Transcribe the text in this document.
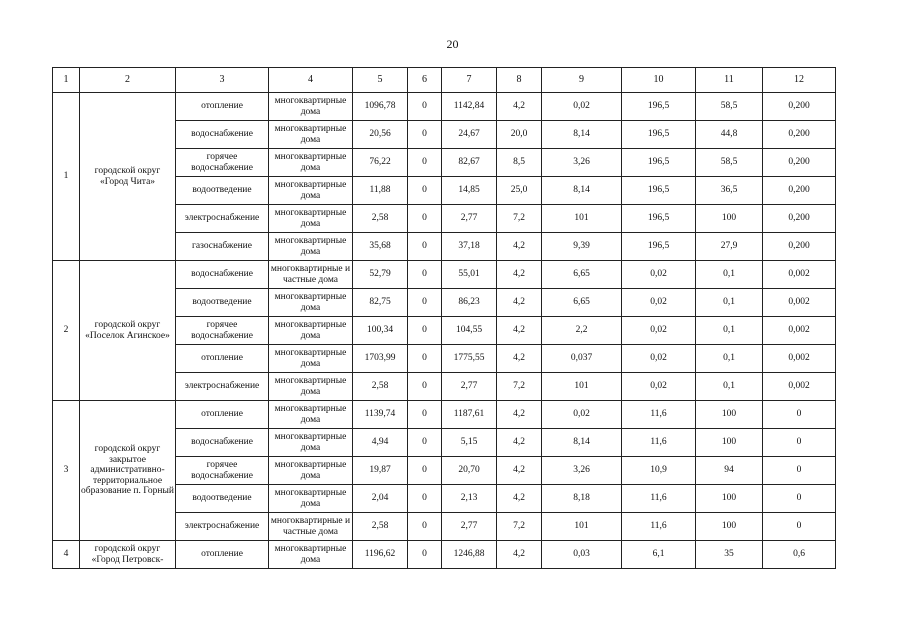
20
1	2	3	4	5	6	7	8	9	10	11	12
1	городской округ «Город Чита»	отопление	многоквартирные дома	1096,78	0	1142,84	4,2	0,02	196,5	58,5	0,200
		водоснабжение	многоквартирные дома	20,56	0	24,67	20,0	8,14	196,5	44,8	0,200
		горячее водоснабжение	многоквартирные дома	76,22	0	82,67	8,5	3,26	196,5	58,5	0,200
		водоотведение	многоквартирные дома	11,88	0	14,85	25,0	8,14	196,5	36,5	0,200
		электроснабжение	многоквартирные дома	2,58	0	2,77	7,2	101	196,5	100	0,200
		газоснабжение	многоквартирные дома	35,68	0	37,18	4,2	9,39	196,5	27,9	0,200
2	городской округ «Поселок Агинское»	водоснабжение	многоквартирные и частные дома	52,79	0	55,01	4,2	6,65	0,02	0,1	0,002
		водоотведение	многоквартирные дома	82,75	0	86,23	4,2	6,65	0,02	0,1	0,002
		горячее водоснабжение	многоквартирные дома	100,34	0	104,55	4,2	2,2	0,02	0,1	0,002
		отопление	многоквартирные дома	1703,99	0	1775,55	4,2	0,037	0,02	0,1	0,002
		электроснабжение	многоквартирные дома	2,58	0	2,77	7,2	101	0,02	0,1	0,002
3	городской округ закрытое административно-территориальное образование п. Горный	отопление	многоквартирные дома	1139,74	0	1187,61	4,2	0,02	11,6	100	0
		водоснабжение	многоквартирные дома	4,94	0	5,15	4,2	8,14	11,6	100	0
		горячее водоснабжение	многоквартирные дома	19,87	0	20,70	4,2	3,26	10,9	94	0
		водоотведение	многоквартирные дома	2,04	0	2,13	4,2	8,18	11,6	100	0
		электроснабжение	многоквартирные и частные дома	2,58	0	2,77	7,2	101	11,6	100	0
4	городской округ «Город Петровск-	отопление	многоквартирные дома	1196,62	0	1246,88	4,2	0,03	6,1	35	0,6
